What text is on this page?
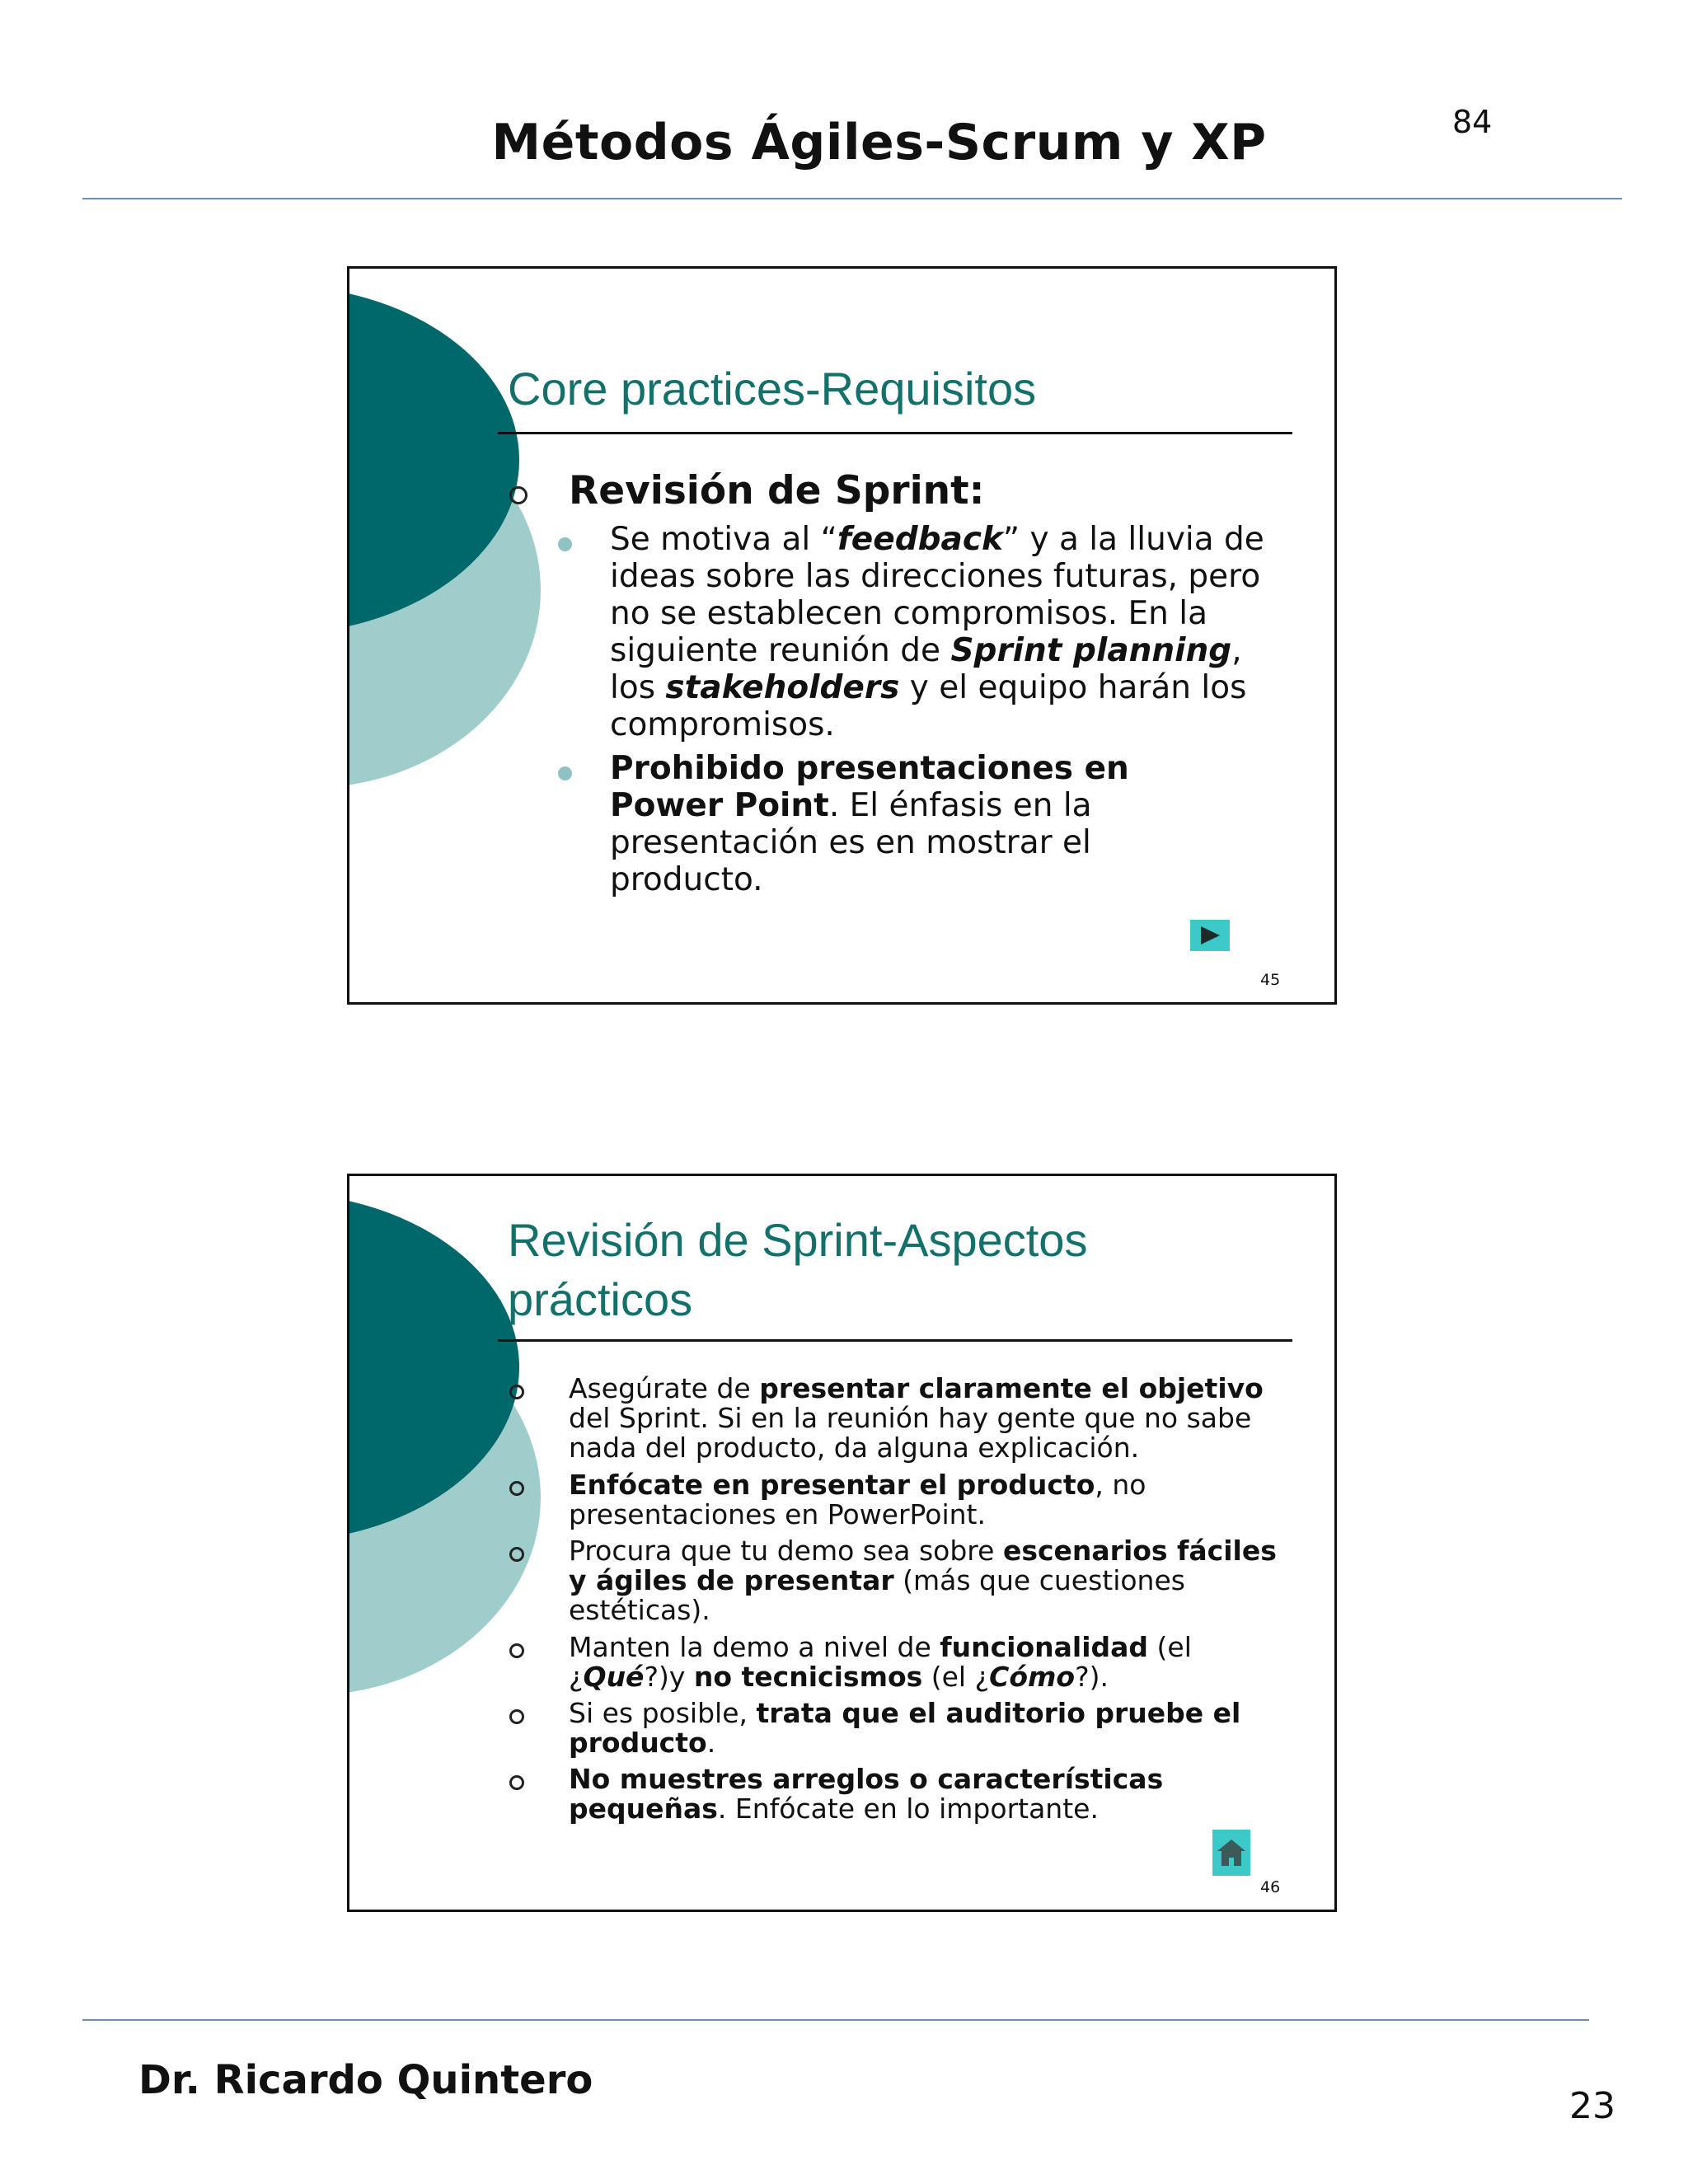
Métodos Ágiles-Scrum y XP	84
Core practices-Requisitos
Revisión de Sprint:
Se motiva al “feedback” y a la lluvia de ideas sobre las direcciones futuras, pero no se establecen compromisos. En la siguiente reunión de Sprint planning, los stakeholders y el equipo harán los compromisos.
Prohibido presentaciones en Power Point. El énfasis en la presentación es en mostrar el producto.
45
Revisión de Sprint-Aspectos prácticos
Asegúrate de presentar claramente el objetivo del Sprint. Si en la reunión hay gente que no sabe nada del producto, da alguna explicación.
Enfócate en presentar el producto, no presentaciones en PowerPoint.
Procura que tu demo sea sobre escenarios fáciles y ágiles de presentar (más que cuestiones estéticas).
Manten la demo a nivel de funcionalidad (el ¿Qué?)y no tecnicismos (el ¿Cómo?).
Si es posible, trata que el auditorio pruebe el producto.
No muestres arreglos o características pequeñas. Enfócate en lo importante.
46
Dr. Ricardo Quintero
23
